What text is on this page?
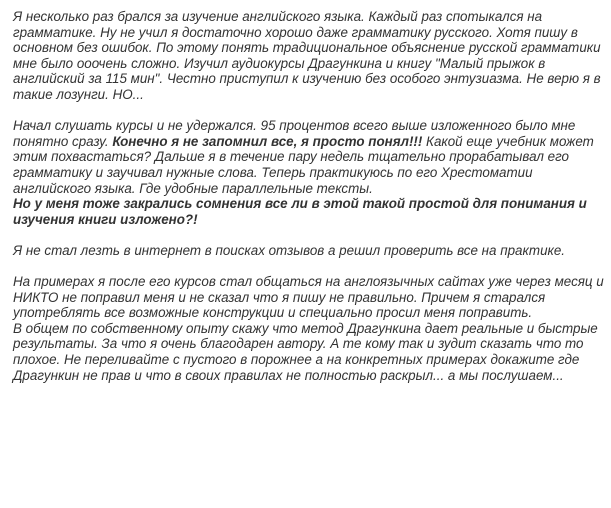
Я несколько раз брался за изучение английского языка. Каждый раз спотыкался на грамматике. Ну не учил я достаточно хорошо даже грамматику русского. Хотя пишу в основном без ошибок. По этому понять традициональное объяснение русской грамматики мне было ооочень сложно. Изучил аудиокурсы Драгункина и книгу "Малый прыжок в английский за 115 мин". Честно приступил к изучению без особого энтузиазма. Не верю я в такие лозунги. НО...

Начал слушать курсы и не удержался. 95 процентов всего выше изложенного было мне понятно сразу. Конечно я не запомнил все, я просто понял!!! Какой еще учебник может этим похвастаться? Дальше я в течение пару недель тщательно прорабатывал его грамматику и заучивал нужные слова. Теперь практикуюсь по его Хрестоматии английского языка. Где удобные параллельные тексты.
Но у меня тоже закрались сомнения все ли в этой такой простой для понимания и изучения книги изложено?!

Я не стал лезть в интернет в поисках отзывов а решил проверить все на практике.

На примерах я после его курсов стал общаться на англоязычных сайтах уже через месяц и НИКТО не поправил меня и не сказал что я пишу не правильно. Причем я старался употреблять все возможные конструкции и специально просил меня поправить.
В общем по собственному опыту скажу что метод Драгункина дает реальные и быстрые результаты. За что я очень благодарен автору. А те кому так и зудит сказать что то плохое. Не переливайте с пустого в порожнее а на конкретных примерах докажите где Драгункин не прав и что в своих правилах не полностью раскрыл... а мы послушаем...
